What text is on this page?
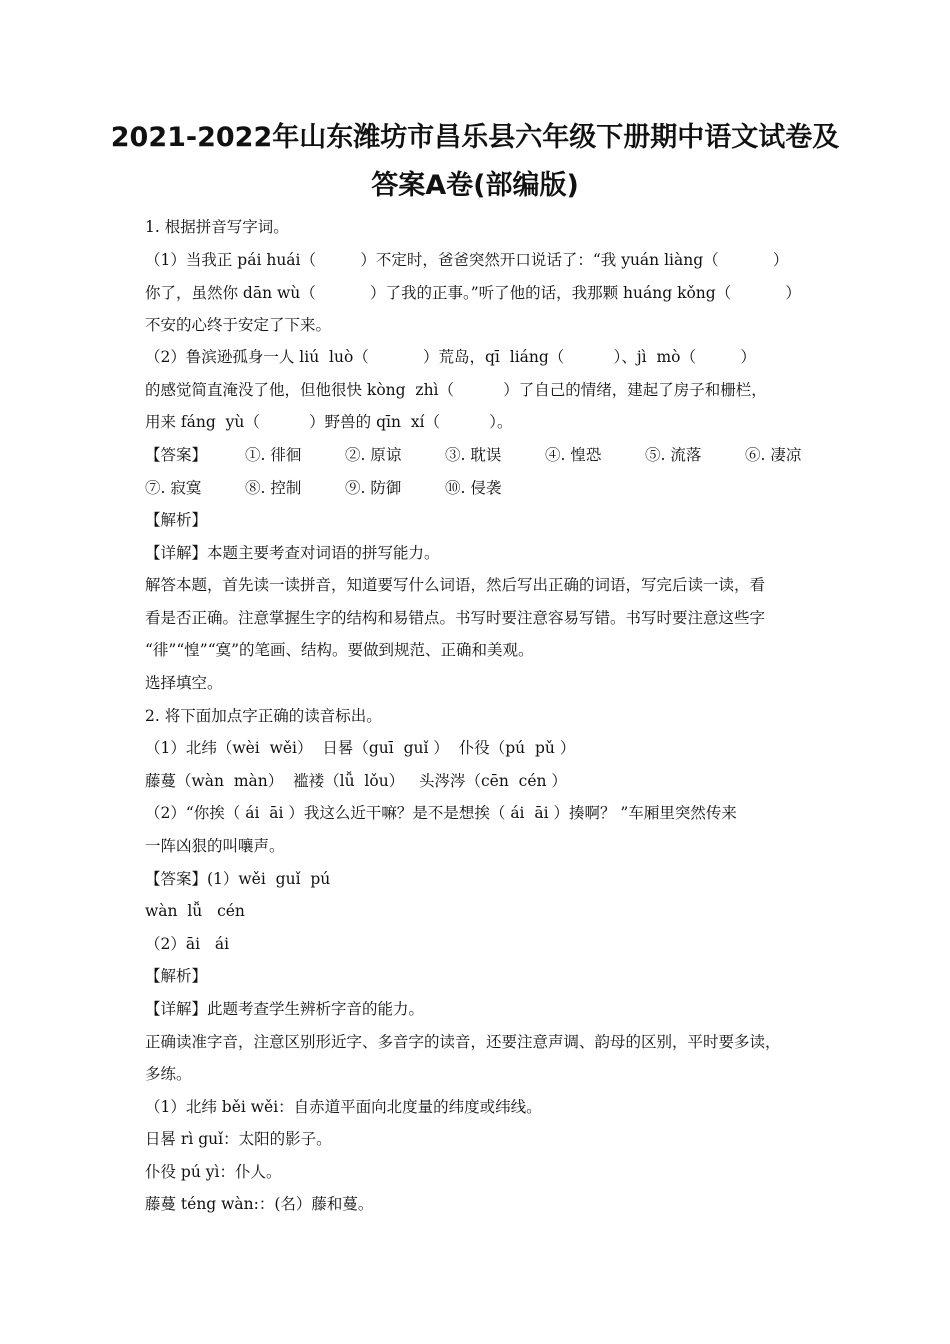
2021-2022年山东潍坊市昌乐县六年级下册期中语文试卷及
答案A卷(部编版)
1. 根据拼音写字词。
（1）当我正 pái huái（         ）不定时，爸爸突然开口说话了：“我 yuán liàng（           ）
你了，虽然你 dān wù（           ）了我的正事。”听了他的话，我那颗 huáng kǒng（           ）
不安的心终于安定了下来。
（2）鲁滨逊孤身一人 liú  luò（           ）荒岛，qī  liáng（          ）、jì  mò（         ）
的感觉简直淹没了他，但他很快 kòng  zhì（          ）了自己的情绪，建起了房子和栅栏，
用来 fáng  yù（          ）野兽的 qīn  xí（          ）。
【答案】 ①. 徘徊	②. 原谅	③. 耽误	④. 惶恐	⑤. 流落	⑥. 凄凉
⑦. 寂寞	⑧. 控制	⑨. 防御	⑩. 侵袭
【解析】
【详解】本题主要考查对词语的拼写能力。
解答本题，首先读一读拼音，知道要写什么词语，然后写出正确的词语，写完后读一读，看
看是否正确。注意掌握生字的结构和易错点。书写时要注意容易写错。书写时要注意这些字
“徘”“惶”“寞”的笔画、结构。要做到规范、正确和美观。
选择填空。
2. 将下面加点字正确的读音标出。
（1）北纬（wèi  wěi）  日晷（guī  guǐ ）  仆役（pú  pǔ ）
藤蔓（wàn  màn）  褴褛（lǚ  lǒu）   头涔涔（cēn  cén ）
（2）“你挨（ ái  āi ）我这么近干嘛？是不是想挨（ ái  āi ）揍啊？ ”车厢里突然传来
一阵凶狠的叫嚷声。
【答案】(1）wěi  guǐ  pú
wàn  lǚ   cén
（2）āi   ái
【解析】
【详解】此题考查学生辨析字音的能力。
正确读准字音，注意区别形近字、多音字的读音，还要注意声调、韵母的区别，平时要多读，
多练。
（1）北纬 běi wěi：自赤道平面向北度量的纬度或纬线。
日晷 rì guǐ：太阳的影子。
仆役 pú yì：仆人。
藤蔓 téng wàn:：(名）藤和蔓。
